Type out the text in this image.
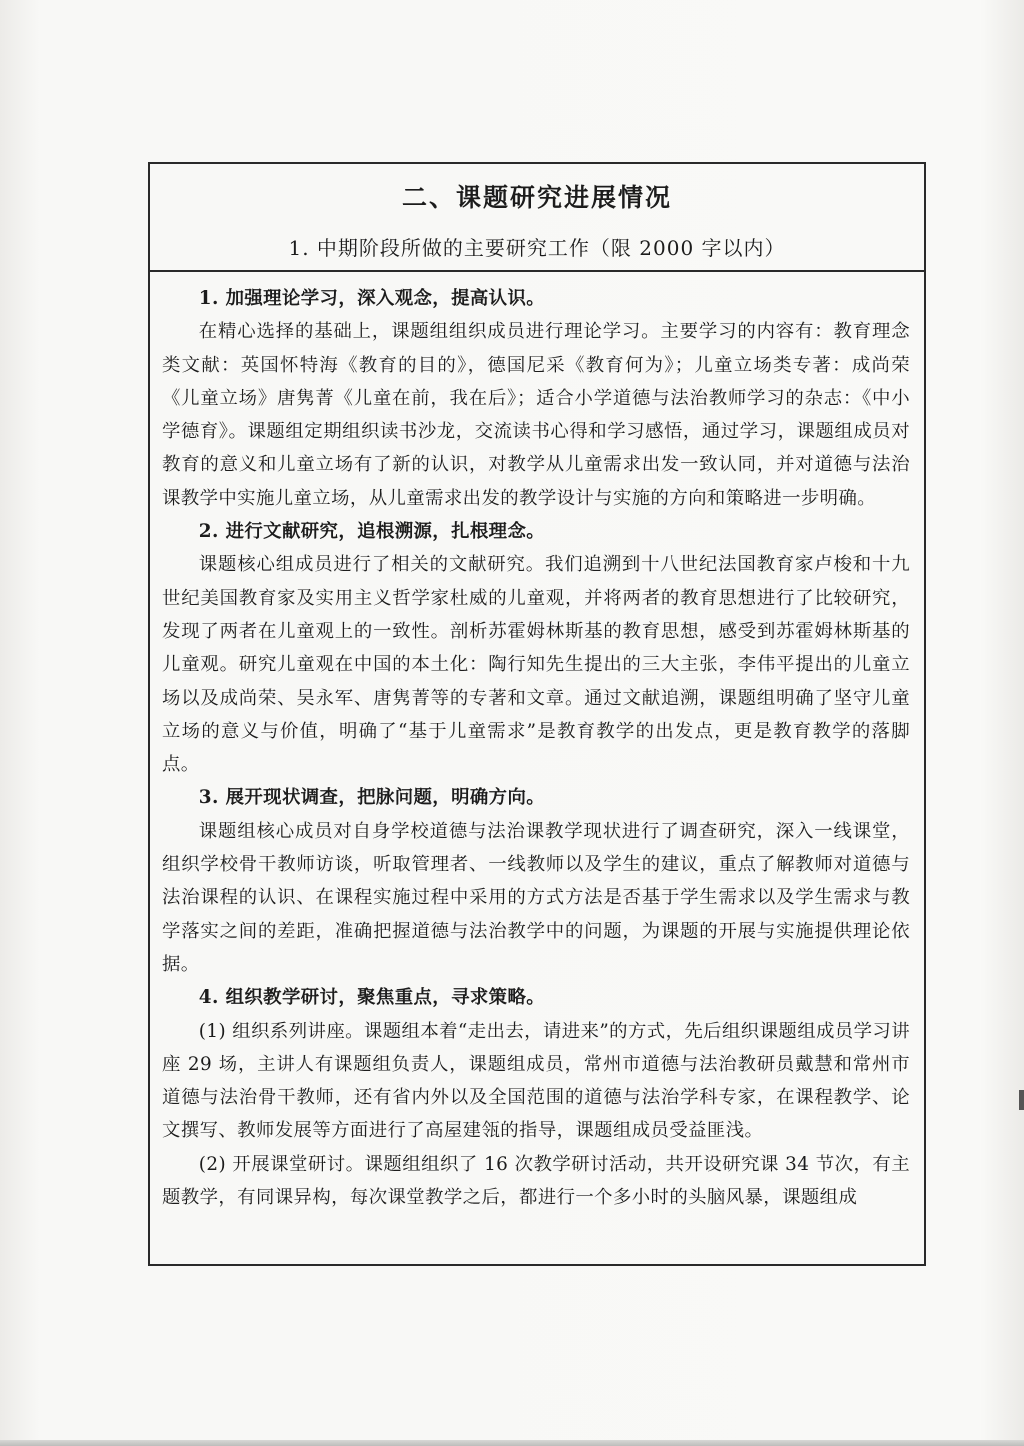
二、课题研究进展情况
1. 中期阶段所做的主要研究工作（限 2000 字以内）

1. 加强理论学习，深入观念，提高认识。

在精心选择的基础上，课题组组织成员进行理论学习。主要学习的内容有：教育理念类文献：英国怀特海《教育的目的》，德国尼采《教育何为》；儿童立场类专著：成尚荣《儿童立场》唐隽菁《儿童在前，我在后》；适合小学道德与法治教师学习的杂志：《中小学德育》。课题组定期组织读书沙龙，交流读书心得和学习感悟，通过学习，课题组成员对教育的意义和儿童立场有了新的认识，对教学从儿童需求出发一致认同，并对道德与法治课教学中实施儿童立场，从儿童需求出发的教学设计与实施的方向和策略进一步明确。

2. 进行文献研究，追根溯源，扎根理念。

课题核心组成员进行了相关的文献研究。我们追溯到十八世纪法国教育家卢梭和十九世纪美国教育家及实用主义哲学家杜威的儿童观，并将两者的教育思想进行了比较研究，发现了两者在儿童观上的一致性。剖析苏霍姆林斯基的教育思想，感受到苏霍姆林斯基的儿童观。研究儿童观在中国的本土化：陶行知先生提出的三大主张，李伟平提出的儿童立场以及成尚荣、吴永军、唐隽菁等的专著和文章。通过文献追溯，课题组明确了坚守儿童立场的意义与价值，明确了“基于儿童需求”是教育教学的出发点，更是教育教学的落脚点。

3. 展开现状调查，把脉问题，明确方向。

课题组核心成员对自身学校道德与法治课教学现状进行了调查研究，深入一线课堂，组织学校骨干教师访谈，听取管理者、一线教师以及学生的建议，重点了解教师对道德与法治课程的认识、在课程实施过程中采用的方式方法是否基于学生需求以及学生需求与教学落实之间的差距，准确把握道德与法治教学中的问题，为课题的开展与实施提供理论依据。

4. 组织教学研讨，聚焦重点，寻求策略。

(1) 组织系列讲座。课题组本着“走出去，请进来”的方式，先后组织课题组成员学习讲座 29 场，主讲人有课题组负责人，课题组成员，常州市道德与法治教研员戴慧和常州市道德与法治骨干教师，还有省内外以及全国范围的道德与法治学科专家，在课程教学、论文撰写、教师发展等方面进行了高屋建瓴的指导，课题组成员受益匪浅。

(2) 开展课堂研讨。课题组组织了 16 次教学研讨活动，共开设研究课 34 节次，有主题教学，有同课异构，每次课堂教学之后，都进行一个多小时的头脑风暴，课题组成
